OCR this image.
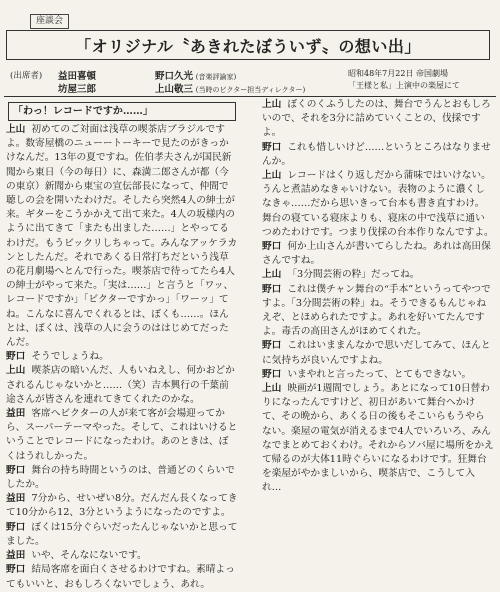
座談会
「オリジナル〝あきれたぼういず〟の想い出」
(出席者) 益田喜頓
坊屋三郎
野口久光 (音楽評論家)
上山敬三 (当時のビクター担当ディレクター)
昭和48年7月22日 帝国劇場
「王様と私」上演中の楽屋にて
「わっ！レコードですか……」

上山 初めてのご対面は浅草の喫茶店ブラジルですよ。数寄屋橋のニューートーキーで見たのがきっかけなんだ。13年の夏ですね。佐伯孝夫さんが国民新聞から東日（今の毎日）に、森満二郎さんが都（今の東京）新聞から東宝の宣伝部長になって、仲間で聴しの会を開いたわけだ。そしたら突然4人の紳士が来。ギターをこうかかえて出て来た。4人の坂様内のように出てきて「またも出ました……」とやってるわけだ。もうビックリしちゃって。みんなアッケラカンとしたんだ。それであくる日常打ちだという浅草の花月劇場へとんで行った。喫茶店で待ってたら4人の紳士がやって来た。「実は……」と言うと「ワッ、レコードですか」「ビクターですかっ」「ワーッ」てね。こんなに喜んでくれるとは、ぼくも……。ほんとは、ぼくは、浅草の人に会うのははじめてだったんだ。

野口 そうでしょうね。

上山 喫茶店の暗いんだ、人もいねえし、何かおどかされるんじゃないかと……（笑）吉本興行の千葉前途さんが皆さんを連れてきてくれたのかな。

益田 客席へビクターの人が来て客が会場迎ってから、スーパーテーマやった。そして、これはいけるということでレコードになったわけ。あのときは、ぼくはうれしかった。

野口 舞台の持ち時間というのは、普通どのくらいでしたか。

益田 7分から、せいぜい8分。だんだん長くなってきて10分から12、3分というようになったのですよ。

野口 ぼくは15分ぐらいだったんじゃないかと思ってました。

益田 いや、そんなにないです。

野口 結局客席を面白くさせるわけですね。素晴よってもいいと、おもしろくないでしょう、あれ。

上山 ぼくのくふうしたのは、舞台でうんとおもしろいので、それを3分に詰めていくことの、伐採ですよ。

野口 これも惜しいけど……というところはなりませんか。

上山 レコードはくり返しだから蒲味ではいけない。うんと煮詰めなきゃいけない。表物のように濃くしなきゃ……だから思いきって台本も書き直すわけ。舞台の寝ている寝床よりも、寝床の中で浅草に通いつめたわけです。つまり伐採の台本作りなんですよ。

野口 何か上山さんが書いてらしたね。あれは高田保さんですね。

上山 「3分間芸術の粋」だってね。

野口 これは僕チャン舞台の“手本”というってやつですよ。「3分間芸術の粋」ね。そうできるもんじゃねえぞ、とほめられたですよ。あれを好いてたんですよ。毒舌の高田さんがほめてくれた。

野口 これはいままんなかで思いだしてみて、ほんとに気持ちが良いんですよね。

野口 いまやれと言ったって、とてもできない。

上山 映画が1週間でしょう。あとになって10日替わりになったんですけど、初日があいて舞台へかけて、その晩から、あくる日の後もそこいらもうやらない。楽屋の電気が消えるまで4人でいろいろ、みんなでまとめておくわけ。それからソバ屋に場所をかえて帰るのが大体11時ぐらいになるわけです。狂舞台を楽屋がやかましいから、喫茶店で、こうして入れ…
